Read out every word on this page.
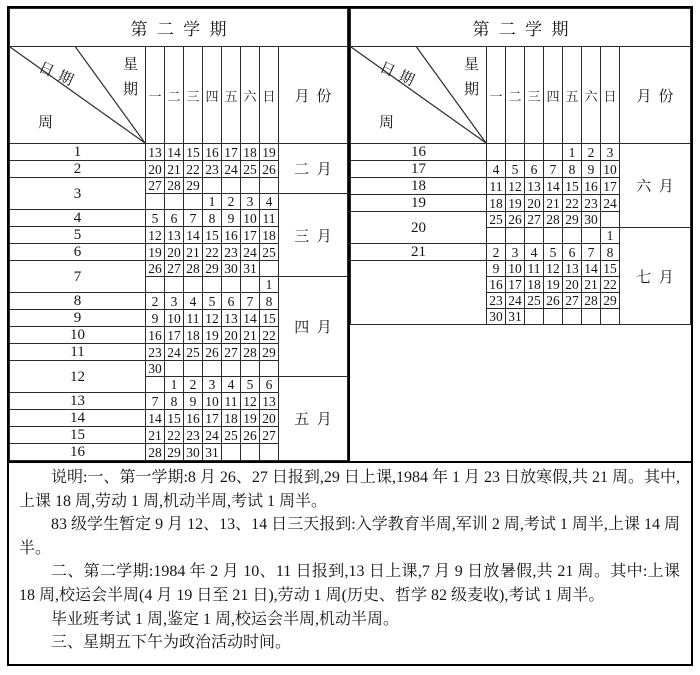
第二学期								

日期 星期
周	一	二	三	四	五	六	日	月份
1	13	14	15	16	17	18	19	二月
2	20	21	22	23	24	25	26	
3	27	28	29					
				1	2	3	4	三月
4	5	6	7	8	9	10	11	
5	12	13	14	15	16	17	18	
6	19	20	21	22	23	24	25	
7	26	27	28	29	30	31		
							1	四月
8	2	3	4	5	6	7	8	
9	9	10	11	12	13	14	15	
10	16	17	18	19	20	21	22	
11	23	24	25	26	27	28	29	
12	30							
		1	2	3	4	5	6	五月
13	7	8	9	10	11	12	13	
14	14	15	16	17	18	19	20	
15	21	22	23	24	25	26	27	
16	28	29	30	31				
第二学期								

日期 星期
周	一	二	三	四	五	六	日	月份
16					1	2	3	六月
17	4	5	6	7	8	9	10	
18	11	12	13	14	15	16	17	
19	18	19	20	21	22	23	24	
20	25	26	27	28	29	30		
							1	七月
21	2	3	4	5	6	7	8	
	9	10	11	12	13	14	15	
	16	17	18	19	20	21	22	
	23	24	25	26	27	28	29	
	30	31						

说明:一、第一学期:8 月 26、27 日报到,29 日上课,1984 年 1 月 23 日放寒假,共 21 周。其中,上课 18 周,劳动 1 周,机动半周,考试 1 周半。

83 级学生暂定 9 月 12、13、14 日三天报到:入学教育半周,军训 2 周,考试 1 周半,上课 14 周半。

二、第二学期:1984 年 2 月 10、11 日报到,13 日上课,7 月 9 日放暑假,共 21 周。其中:上课 18 周,校运会半周(4 月 19 日至 21 日),劳动 1 周(历史、哲学 82 级麦收),考试 1 周半。

毕业班考试 1 周,鉴定 1 周,校运会半周,机动半周。

三、星期五下午为政治活动时间。
